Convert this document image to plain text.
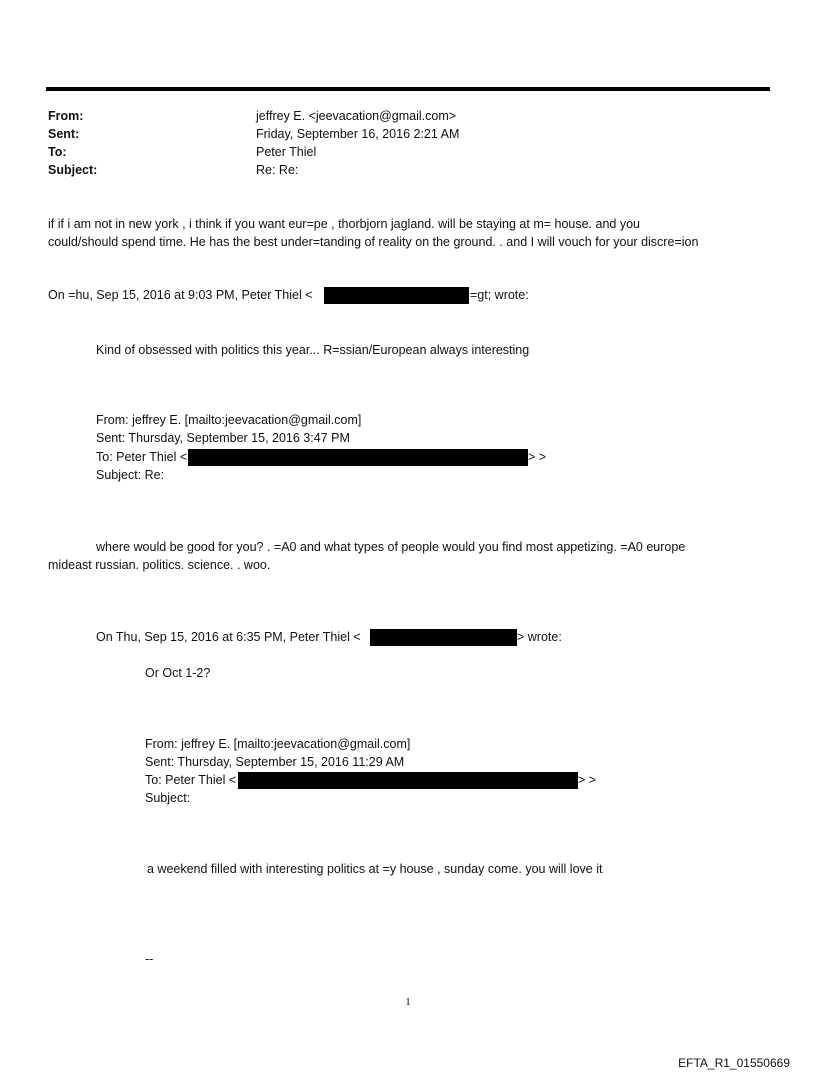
From:	jeffrey E. <jeevacation@gmail.com>
Sent:	Friday, September 16, 2016 2:21 AM
To:	Peter Thiel
Subject:	Re: Re:
if if i am not in new york , i think if you want eur=pe , thorbjorn jagland. will be staying at m= house. and you
could/should spend time. He has the best under=tanding of reality on the ground. . and I will vouch for your discre=ion
On =hu, Sep 15, 2016 at 9:03 PM, Peter Thiel <	=gt; wrote:
Kind of obsessed with politics this year... R=ssian/European always interesting
From: jeffrey E. [mailto:jeevacation@gmail.com]
Sent: Thursday, September 15, 2016 3:47 PM
To: Peter Thiel <	> >
Subject: Re:
where would be good for you? . =A0 and what types of people would you find most appetizing. =A0 europe
mideast russian. politics. science. . woo.
On Thu, Sep 15, 2016 at 6:35 PM, Peter Thiel <	> wrote:
Or Oct 1-2?
From: jeffrey E. [mailto:jeevacation@gmail.com]
Sent: Thursday, September 15, 2016 11:29 AM
To: Peter Thiel <	> >
Subject:
a weekend filled with interesting politics at =y house , sunday come. you will love it
--
1
EFTA_R1_01550669
